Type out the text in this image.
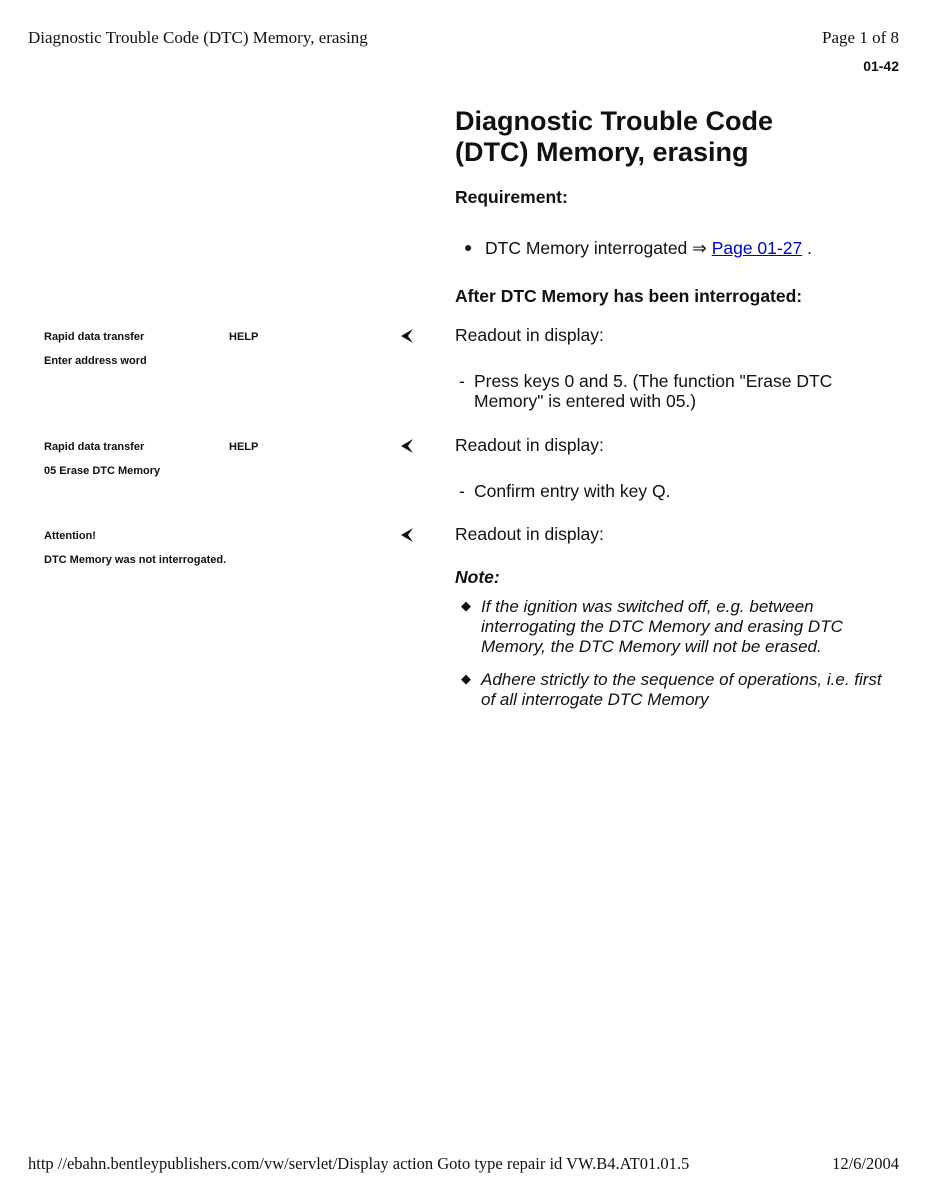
Diagnostic Trouble Code (DTC) Memory, erasing	Page 1 of 8
01-42
Diagnostic Trouble Code
(DTC) Memory, erasing
Requirement:
● DTC Memory interrogated ⇒ Page 01-27 .
After DTC Memory has been interrogated:
Rapid data transfer	HELP
Enter address word
Readout in display:
- Press keys 0 and 5. (The function "Erase DTC Memory" is entered with 05.)
Rapid data transfer	HELP
05 Erase DTC Memory
Readout in display:
- Confirm entry with key Q.
Attention!
DTC Memory was not interrogated.
Readout in display:
Note:
◆ If the ignition was switched off, e.g. between interrogating the DTC Memory and erasing DTC Memory, the DTC Memory will not be erased.
◆ Adhere strictly to the sequence of operations, i.e. first of all interrogate DTC Memory
http //ebahn.bentleypublishers.com/vw/servlet/Display action Goto type repair id VW.B4.AT01.01.5	12/6/2004
